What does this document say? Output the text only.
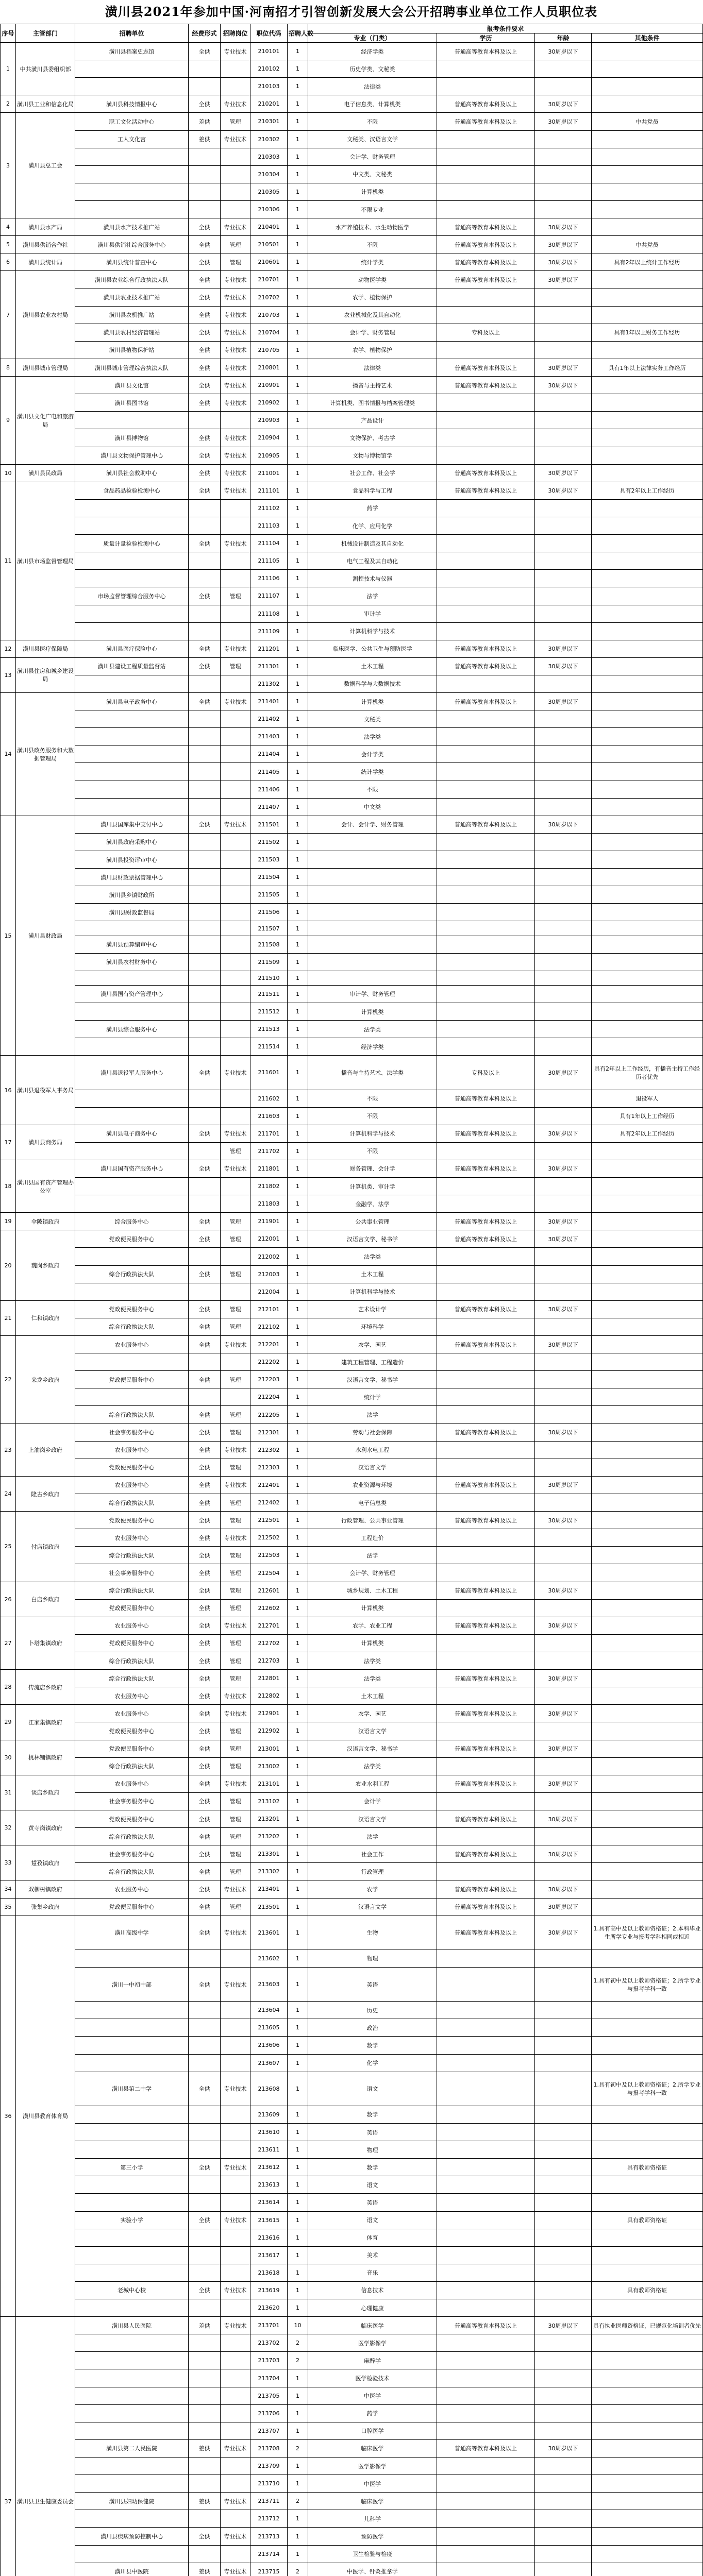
潢川县2021年参加中国·河南招才引智创新发展大会公开招聘事业单位工作人员职位表
序号	主管部门	招聘单位	经费形式	招聘岗位	职位代码	招聘人数	报考条件要求			
							专业（门类）	学历	年龄	其他条件
1	中共潢川县委组织部	潢川县档案史志馆	全供	专业技术	210101	1	经济学类	普通高等教育本科及以上	30周岁以下	
					210102	1	历史学类、文秘类			
					210103	1	法律类			
2	潢川县工业和信息化局	潢川县科技情报中心	全供	专业技术	210201	1	电子信息类、计算机类	普通高等教育本科及以上	30周岁以下	

3	潢川县总工会	职工文化活动中心	差供	管理	210301	1	不限	普通高等教育本科及以上	30周岁以下	中共党员

		工人文化宫	差供	专业技术	210302	1	文秘类、汉语言文学			
					210303	1	会计学、财务管理			
					210304	1	中文类、文秘类			
					210305	1	计算机类			
					210306	1	不限专业			
4	潢川县水产局	潢川县水产技术推广站	全供	专业技术	210401	1	水产养殖技术、水生动物医学	普通高等教育本科及以上	30周岁以下	

5	潢川县供销合作社	潢川县供销社综合服务中心	全供	管理	210501	1	不限	普通高等教育本科及以上	30周岁以下	中共党员
6	潢川县统计局	潢川县统计普查中心	全供	管理	210601	1	统计学类	普通高等教育本科及以上	30周岁以下	具有2年以上统计工作经历
7	潢川县农业农村局	潢川县农业综合行政执法大队	全供	专业技术	210701	1	动物医学类	普通高等教育本科及以上	30周岁以下	

		潢川县农业技术推广站	全供	专业技术	210702	1	农学、植物保护			

		潢川县农机推广站	全供	专业技术	210703	1	农业机械化及其自动化			
		潢川县农村经济管理站	全供	专业技术	210704	1	会计学、财务管理	专科及以上		具有1年以上财务工作经历
		潢川县植物保护站	全供	专业技术	210705	1	农学、植物保护			
8	潢川县城市管理局	潢川县城市管理综合执法大队	全供	专业技术	210801	1	法律类	普通高等教育本科及以上	30周岁以下	具有1年以上法律实务工作经历

9	潢川县文化广电和旅游局	潢川县文化馆	全供	专业技术	210901	1	播音与主持艺术	普通高等教育本科及以上	30周岁以下	
		潢川县图书馆	全供	专业技术	210902	1	计算机类、图书情报与档案管理类			

					210903	1	产品设计			
		潢川县博物馆	全供	专业技术	210904	1	文物保护、考古学			
		潢川县文物保护管理中心	全供	专业技术	210905	1	文物与博物馆学			
10	潢川县民政局	潢川县社会救助中心	全供	专业技术	211001	1	社会工作、社会学	普通高等教育本科及以上	30周岁以下	
11	潢川县市场监督管理局	食品药品检验检测中心	全供	专业技术	211101	1	食品科学与工程	普通高等教育本科及以上	30周岁以下	具有2年以上工作经历

					211102	1	药学			
					211103	1	化学、应用化学			
		质量计量检验检测中心	全供	专业技术	211104	1	机械设计制造及其自动化			

					211105	1	电气工程及其自动化			
					211106	1	测控技术与仪器			
		市场监督管理综合服务中心	全供	管理	211107	1	法学			
					211108	1	审计学			
					211109	1	计算机科学与技术			
12	潢川县医疗保障局	潢川县医疗保险中心	全供	专业技术	211201	1	临床医学、公共卫生与预防医学	普通高等教育本科及以上	30周岁以下	

13	潢川县住房和城乡建设局	潢川县建设工程质量监督站	全供	管理	211301	1	土木工程	普通高等教育本科及以上	30周岁以下	
					211302	1	数据科学与大数据技术			
14	潢川县政务服务和大数据管理局	潢川县电子政务中心	全供	专业技术	211401	1	计算机类	普通高等教育本科及以上	30周岁以下	
					211402	1	文秘类			
					211403	1	法学类			
					211404	1	会计学类			
					211405	1	统计学类			
					211406	1	不限			
					211407	1	中文类			
15	潢川县财政局	潢川县国库集中支付中心	全供	专业技术	211501	1	会计、会计学、财务管理	普通高等教育本科及以上	30周岁以下	

		潢川县政府采购中心			211502	1				
		潢川县投资评审中心			211503	1				
		潢川县财政票据管理中心			211504	1				
		潢川县乡镇财政所			211505	1				
		潢川县财政监督局			211506	1				
					211507	1				
		潢川县预算编审中心			211508	1				
		潢川县农村财务中心			211509	1				
					211510	1				
		潢川县国有资产管理中心			211511	1	审计学、财务管理			
					211512	1	计算机类			
		潢川县综合服务中心			211513	1	法学类			
					211514	1	经济学类			
16	潢川县退役军人事务局	潢川县退役军人服务中心	全供	专业技术	211601	1	播音与主持艺术、法学类	专科及以上	30周岁以下	具有2年以上工作经历，有播音主持工作经历者优先

					211602	1	不限	普通高等教育本科及以上		退役军人
					211603	1	不限			具有1年以上工作经历
17	潢川县商务局	潢川县电子商务中心	全供	专业技术	211701	1	计算机科学与技术	普通高等教育本科及以上	30周岁以下	具有2年以上工作经历

				管理	211702	1	不限			
18	潢川县国有资产管理办公室	潢川县国有资产服务中心	全供	专业技术	211801	1	财务管理、会计学	普通高等教育本科及以上	30周岁以下	
					211802	1	计算机类、审计学			
					211803	1	金融学、法学			
19	伞陂镇政府	综合服务中心	全供	管理	211901	1	公共事业管理	普通高等教育本科及以上	30周岁以下	
20	魏岗乡政府	党政便民服务中心	全供	管理	212001	1	汉语言文学、秘书学	普通高等教育本科及以上	30周岁以下	

					212002	1	法学类			
		综合行政执法大队	全供	管理	212003	1	土木工程			

					212004	1	计算机科学与技术			
21	仁和镇政府	党政便民服务中心	全供	管理	212101	1	艺术设计学	普通高等教育本科及以上	30周岁以下	
		综合行政执法大队	全供	管理	212102	1	环境科学			
22	来龙乡政府	农业服务中心	全供	专业技术	212201	1	农学、园艺	普通高等教育本科及以上	30周岁以下	

					212202	1	建筑工程管理、工程造价			
		党政便民服务中心	全供	管理	212203	1	汉语言文学、秘书学			

					212204	1	统计学			
		综合行政执法大队	全供	管理	212205	1	法学			
23	上油岗乡政府	社会事务服务中心	全供	管理	212301	1	劳动与社会保障	普通高等教育本科及以上	30周岁以下	
		农业服务中心	全供	专业技术	212302	1	水利水电工程			
		党政便民服务中心	全供	管理	212303	1	汉语言文学			
24	隆古乡政府	农业服务中心	全供	专业技术	212401	1	农业资源与环境	普通高等教育本科及以上	30周岁以下	
		综合行政执法大队	全供	管理	212402	1	电子信息类			
25	付店镇政府	党政便民服务中心	全供	管理	212501	1	行政管理、公共事业管理	普通高等教育本科及以上	30周岁以下	
		农业服务中心	全供	专业技术	212502	1	工程造价			
		综合行政执法大队	全供	管理	212503	1	法学			
		社会事务服务中心	全供	管理	212504	1	会计学、财务管理			
26	白店乡政府	综合行政执法大队	全供	管理	212601	1	城乡规划、土木工程	普通高等教育本科及以上	30周岁以下	
		党政便民服务中心	全供	管理	212602	1	计算机类			
27	卜塔集镇政府	农业服务中心	全供	专业技术	212701	1	农学、农业工程	普通高等教育本科及以上	30周岁以下	
		党政便民服务中心	全供	管理	212702	1	计算机类			
		综合行政执法大队	全供	管理	212703	1	法学类			
28	传流店乡政府	综合行政执法大队	全供	管理	212801	1	法学类	普通高等教育本科及以上	30周岁以下	
		农业服务中心	全供	专业技术	212802	1	土木工程			
29	江家集镇政府	农业服务中心	全供	专业技术	212901	1	农学、园艺	普通高等教育本科及以上	30周岁以下	
		党政便民服务中心	全供	管理	212902	1	汉语言文学			
30	桃林铺镇政府	党政便民服务中心	全供	管理	213001	1	汉语言文学、秘书学	普通高等教育本科及以上	30周岁以下	
		综合行政执法大队	全供	管理	213002	1	法学类			
31	谈店乡政府	农业服务中心	全供	专业技术	213101	1	农业水利工程	普通高等教育本科及以上	30周岁以下	
		社会事务服务中心	全供	管理	213102	1	会计学			
32	黄寺岗镇政府	党政便民服务中心	全供	管理	213201	1	汉语言文学	普通高等教育本科及以上	30周岁以下	
		综合行政执法大队	全供	管理	213202	1	法学			
33	踅孜镇政府	社会事务服务中心	全供	管理	213301	1	社会工作	普通高等教育本科及以上	30周岁以下	
		综合行政执法大队	全供	管理	213302	1	行政管理			
34	双柳树镇政府	农业服务中心	全供	专业技术	213401	1	农学	普通高等教育本科及以上	30周岁以下	
35	张集乡政府	党政便民服务中心	全供	管理	213501	1	汉语言文学	普通高等教育本科及以上	30周岁以下	
36	潢川县教育体育局	潢川高级中学	全供	专业技术	213601	1	生物	普通高等教育本科及以上	30周岁以下	1.具有高中及以上教师资格证；2.本科毕业生所学专业与报考学科相同或相近

					213602	1	物理			

		潢川一中初中部	全供	专业技术	213603	1	英语			1.具有初中及以上教师资格证；2.所学专业与报考学科一致

					213604	1	历史			
					213605	1	政治			
					213606	1	数学			
					213607	1	化学			
		潢川县第二中学	全供	专业技术	213608	1	语文			1.具有初中及以上教师资格证；2.所学专业与报考学科一致

					213609	1	数学			
					213610	1	英语			
					213611	1	物理			
		第三小学	全供	专业技术	213612	1	数学			具有教师资格证
					213613	1	语文			
					213614	1	英语			
		实验小学	全供	专业技术	213615	1	语文			具有教师资格证
					213616	1	体育			
					213617	1	美术			
					213618	1	音乐			
		老城中心校	全供	专业技术	213619	1	信息技术			具有教师资格证
					213620	1	心理健康			
37	潢川县卫生健康委员会	潢川县人民医院	差供	专业技术	213701	10	临床医学	普通高等教育本科及以上	30周岁以下	具有执业医师资格证，已规范化培训者优先

					213702	2	医学影像学			

					213703	2	麻醉学			

					213704	1	医学检验技术			
					213705	1	中医学			
					213706	1	药学			
					213707	1	口腔医学			
		潢川县第二人民医院	差供	专业技术	213708	2	临床医学	普通高等教育本科及以上	30周岁以下	

					213709	1	医学影像学			
					213710	1	中医学			
		潢川县妇幼保健院	差供	专业技术	213711	2	临床医学			

					213712	1	儿科学			
		潢川县疾病预防控制中心	全供	专业技术	213713	1	预防医学			
					213714	1	卫生检验与检疫			
		潢川县中医院	差供	专业技术	213715	2	中医学、针灸推拿学			
